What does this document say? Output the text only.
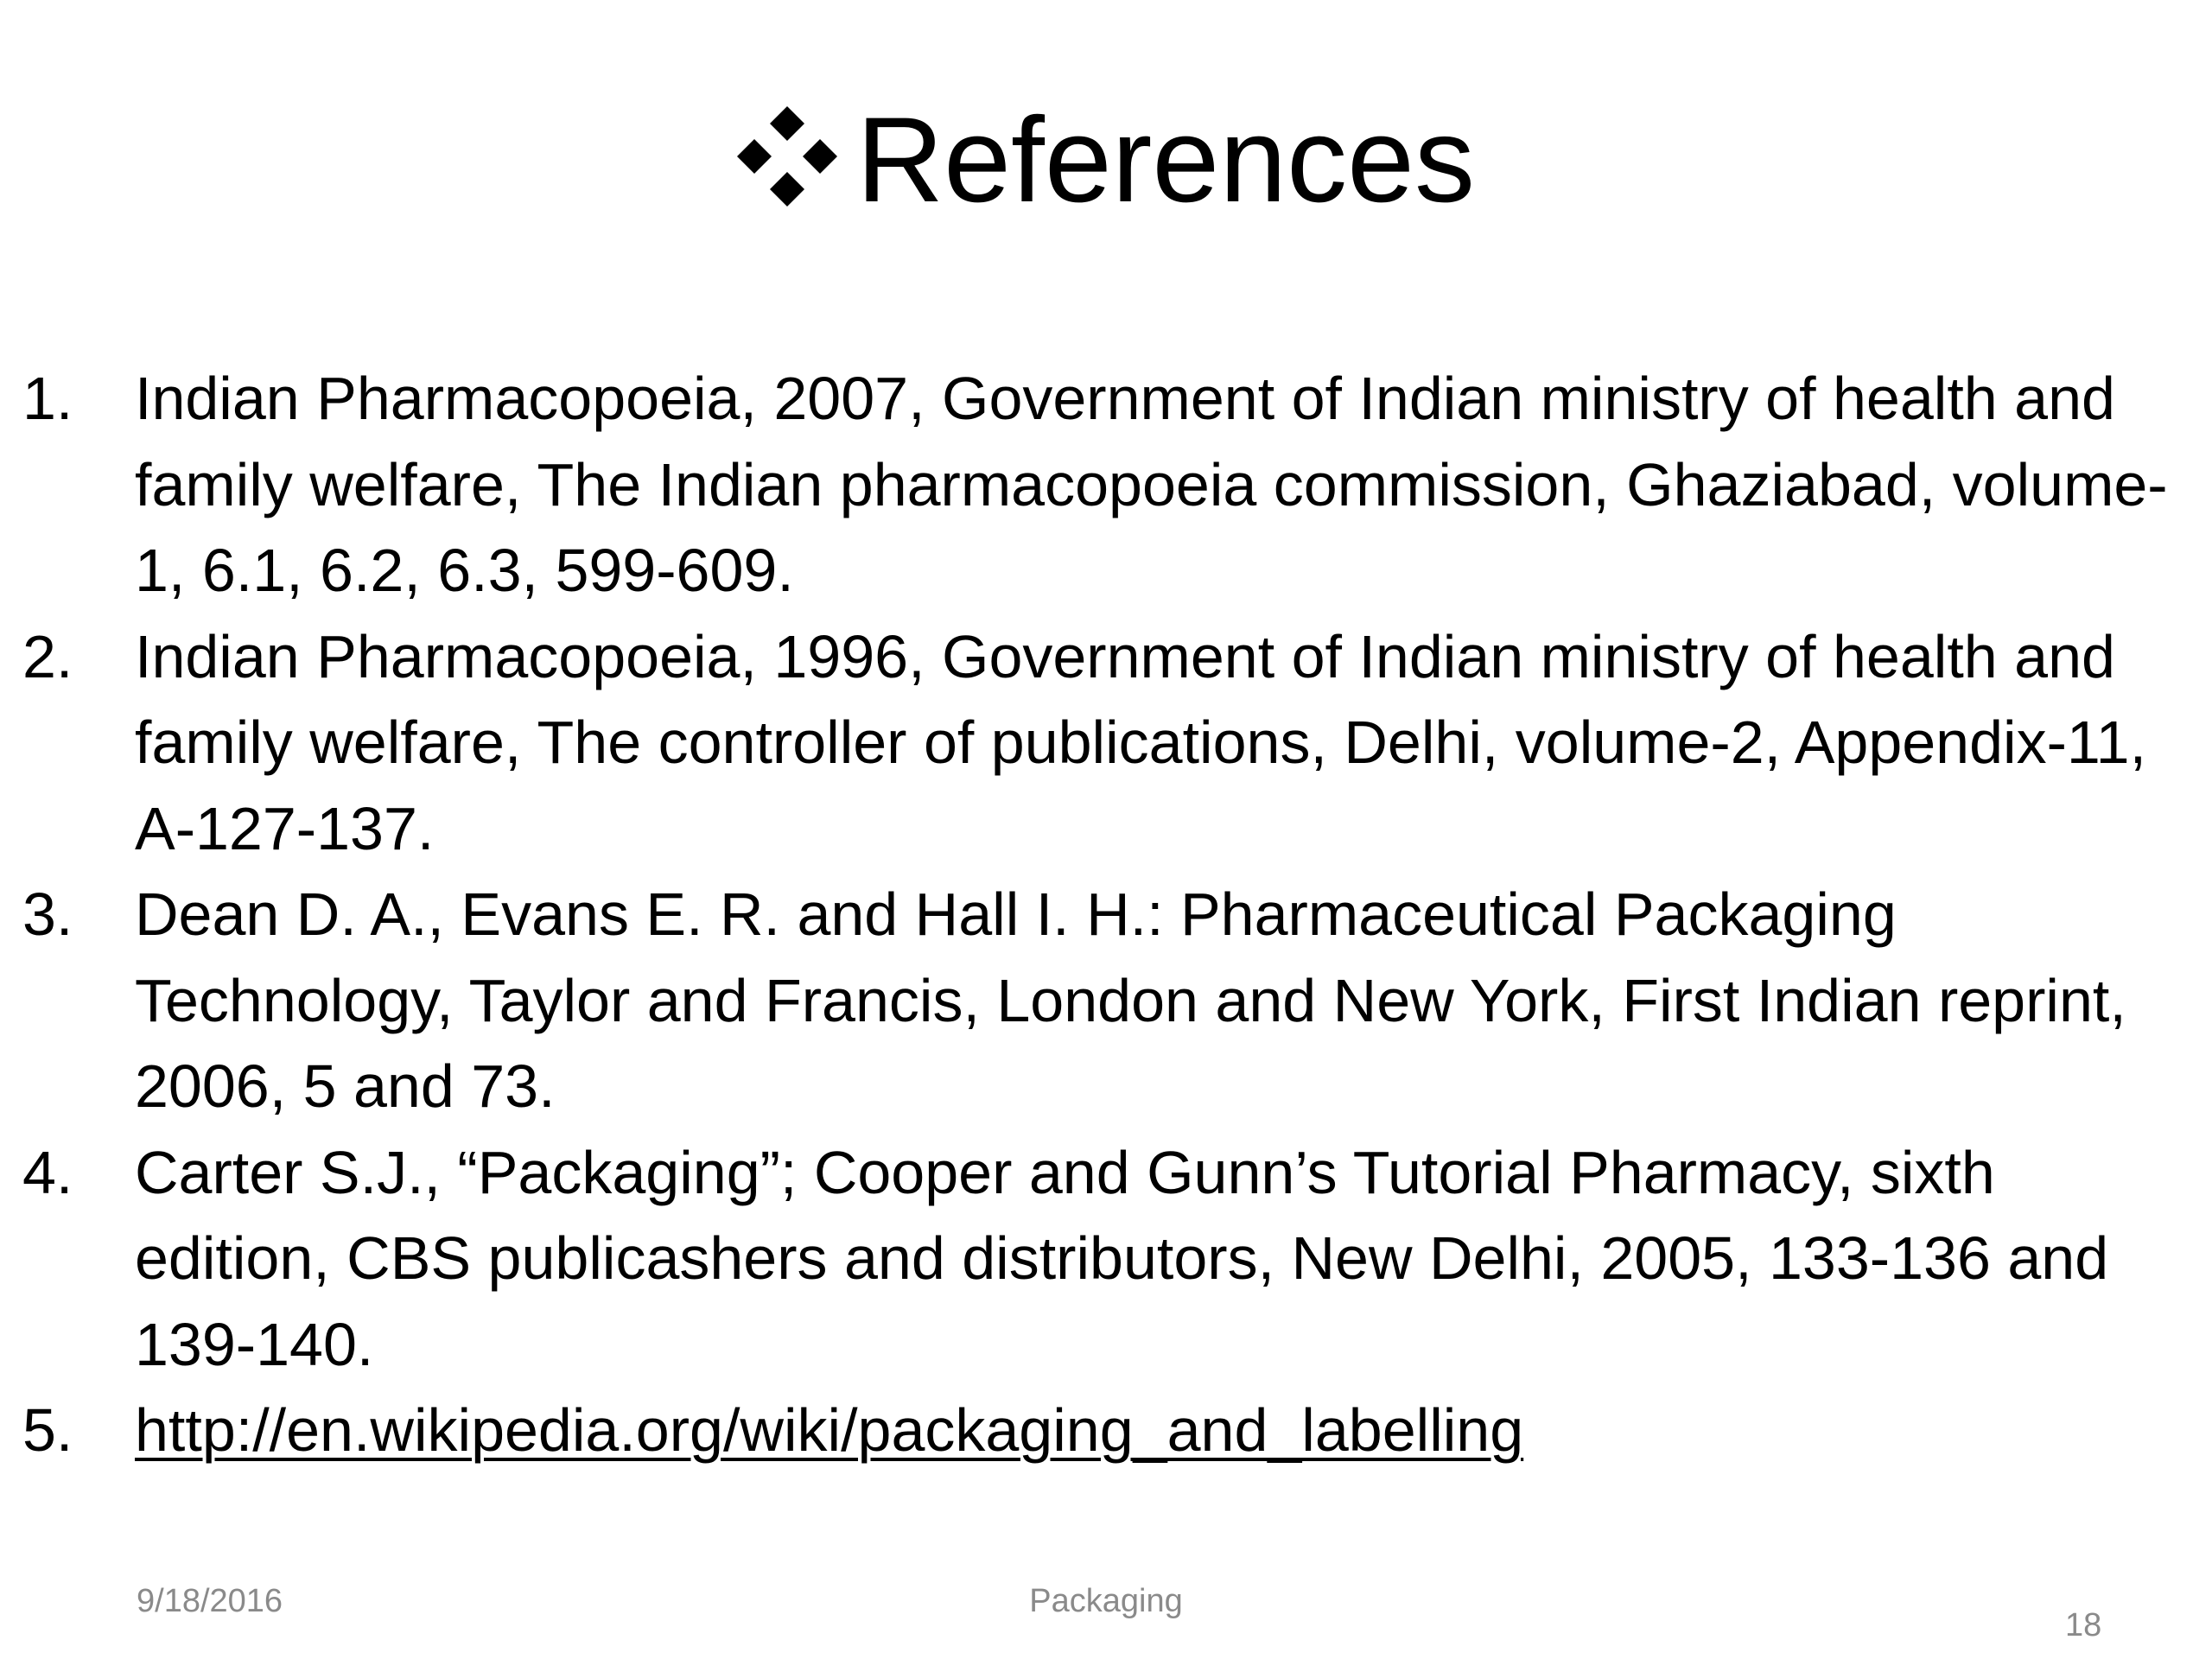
References
1. Indian Pharmacopoeia, 2007, Government of Indian ministry of health and family welfare, The Indian pharmacopoeia commission, Ghaziabad, volume-1, 6.1, 6.2, 6.3, 599-609.
2. Indian Pharmacopoeia, 1996, Government of Indian ministry of health and family welfare, The controller of publications, Delhi, volume-2, Appendix-11, A-127-137.
3. Dean D. A., Evans E. R. and Hall I. H.: Pharmaceutical Packaging Technology, Taylor and Francis, London and New York, First Indian reprint, 2006, 5 and 73.
4. Carter S.J., “Packaging”; Cooper and Gunn’s Tutorial Pharmacy, sixth edition, CBS publicashers and distributors, New Delhi, 2005, 133-136 and 139-140.
5. http://en.wikipedia.org/wiki/packaging_and_labelling
9/18/2016	Packaging
18
